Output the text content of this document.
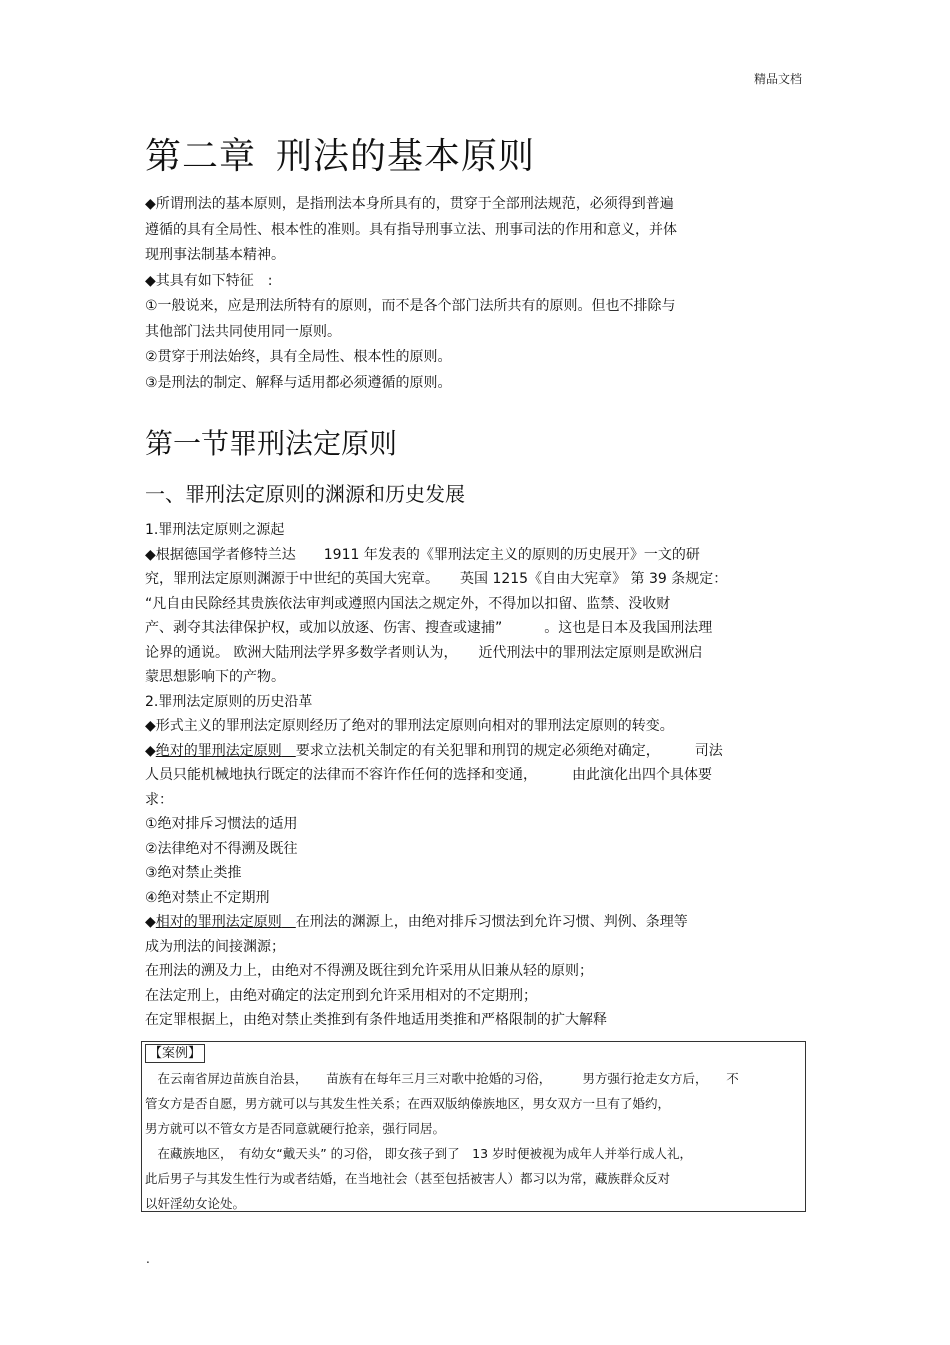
精品文档
第二章 刑法的基本原则
◆所谓刑法的基本原则，是指刑法本身所具有的，贯穿于全部刑法规范，必须得到普遍
遵循的具有全局性、根本性的准则。具有指导刑事立法、刑事司法的作用和意义，并体
现刑事法制基本精神。
◆其具有如下特征　:
①一般说来，应是刑法所特有的原则，而不是各个部门法所共有的原则。但也不排除与
其他部门法共同使用同一原则。
②贯穿于刑法始终，具有全局性、根本性的原则。
③是刑法的制定、解释与适用都必须遵循的原则。
第一节罪刑法定原则
一、罪刑法定原则的渊源和历史发展
1.罪刑法定原则之源起
◆根据德国学者修特兰达　　1911 年发表的《罪刑法定主义的原则的历史展开》一文的研
究，罪刑法定原则渊源于中世纪的英国大宪章。　　英国 1215《自由大宪章》 第 39 条规定：
“凡自由民除经其贵族依法审判或遵照内国法之规定外，不得加以扣留、监禁、没收财
产、剥夺其法律保护权，或加以放逐、伤害、搜查或逮捕”　　　。这也是日本及我国刑法理
论界的通说。 欧洲大陆刑法学界多数学者则认为，　　近代刑法中的罪刑法定原则是欧洲启
蒙思想影响下的产物。
2.罪刑法定原则的历史沿革
◆形式主义的罪刑法定原则经历了绝对的罪刑法定原则向相对的罪刑法定原则的转变。
◆绝对的罪刑法定原则　 要求立法机关制定的有关犯罪和刑罚的规定必须绝对确定，　　　司法
人员只能机械地执行既定的法律而不容许作任何的选择和变通，　　　由此演化出四个具体要
求：
①绝对排斥习惯法的适用
②法律绝对不得溯及既往
③绝对禁止类推
④绝对禁止不定期刑
◆相对的罪刑法定原则　 在刑法的渊源上，由绝对排斥习惯法到允许习惯、判例、条理等
成为刑法的间接渊源；
在刑法的溯及力上，由绝对不得溯及既往到允许采用从旧兼从轻的原则；
在法定刑上，由绝对确定的法定刑到允许采用相对的不定期刑；
在定罪根据上，由绝对禁止类推到有条件地适用类推和严格限制的扩大解释
【案例】
　在云南省屏边苗族自治县，　　苗族有在每年三月三对歌中抢婚的习俗，　　　男方强行抢走女方后，　　不
管女方是否自愿，男方就可以与其发生性关系；在西双版纳傣族地区，男女双方一旦有了婚约，
男方就可以不管女方是否同意就硬行抢亲，强行同居。
　在藏族地区，　有幼女“戴天头” 的习俗， 即女孩子到了　13 岁时便被视为成年人并举行成人礼，
此后男子与其发生性行为或者结婚，在当地社会（甚至包括被害人）都习以为常，藏族群众反对
以奸淫幼女论处。
.
